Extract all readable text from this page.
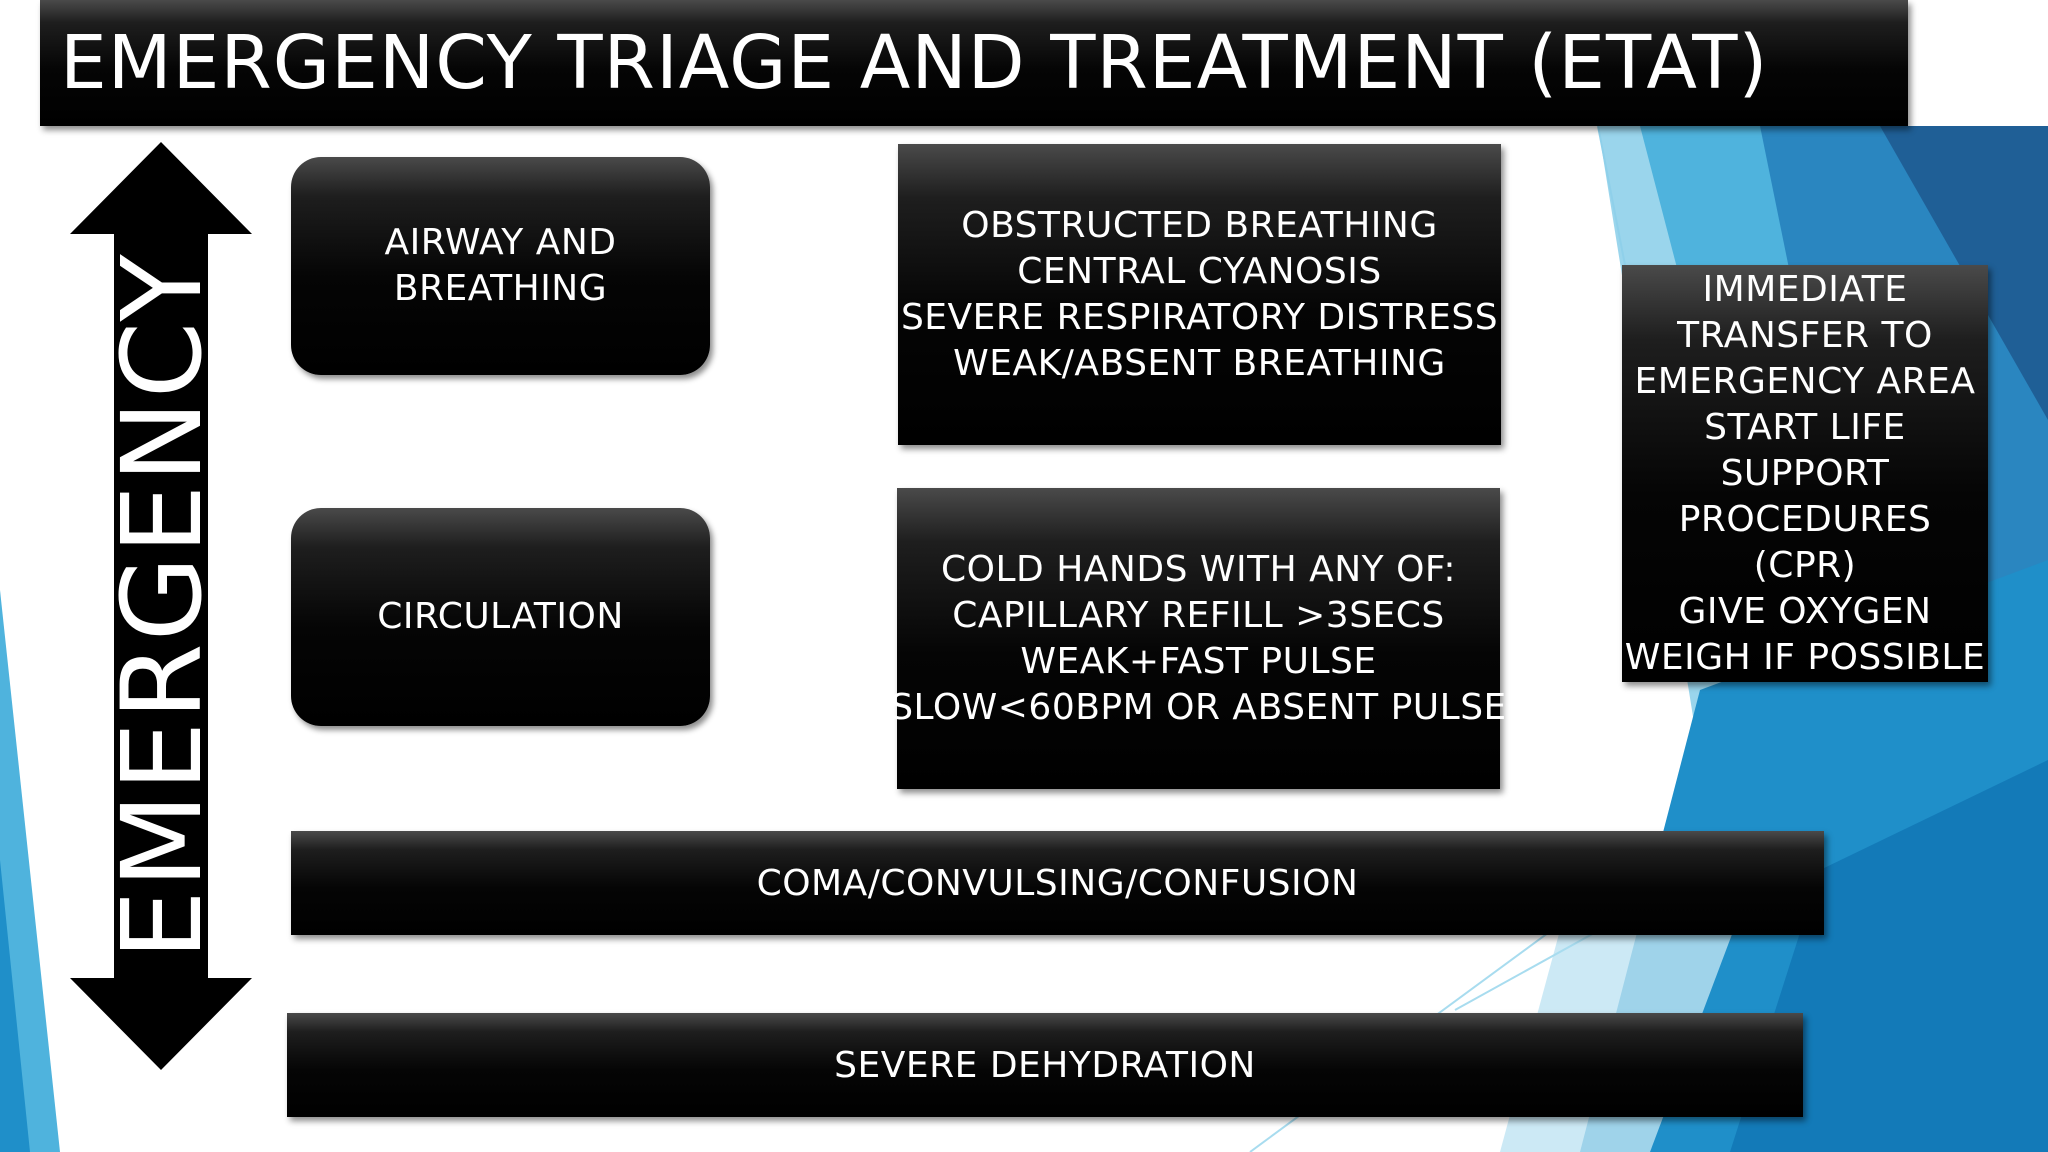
EMERGENCY TRIAGE AND TREATMENT (ETAT)
EMERGENCY
AIRWAY AND
BREATHING
CIRCULATION
OBSTRUCTED BREATHING
CENTRAL CYANOSIS
SEVERE RESPIRATORY DISTRESS
WEAK/ABSENT BREATHING
COLD HANDS WITH ANY OF:
CAPILLARY REFILL >3SECS
WEAK+FAST PULSE
SLOW<60BPM OR ABSENT PULSE
IMMEDIATE
TRANSFER TO
EMERGENCY AREA
START LIFE
SUPPORT
PROCEDURES
(CPR)
GIVE OXYGEN
WEIGH IF POSSIBLE
COMA/CONVULSING/CONFUSION
SEVERE DEHYDRATION
